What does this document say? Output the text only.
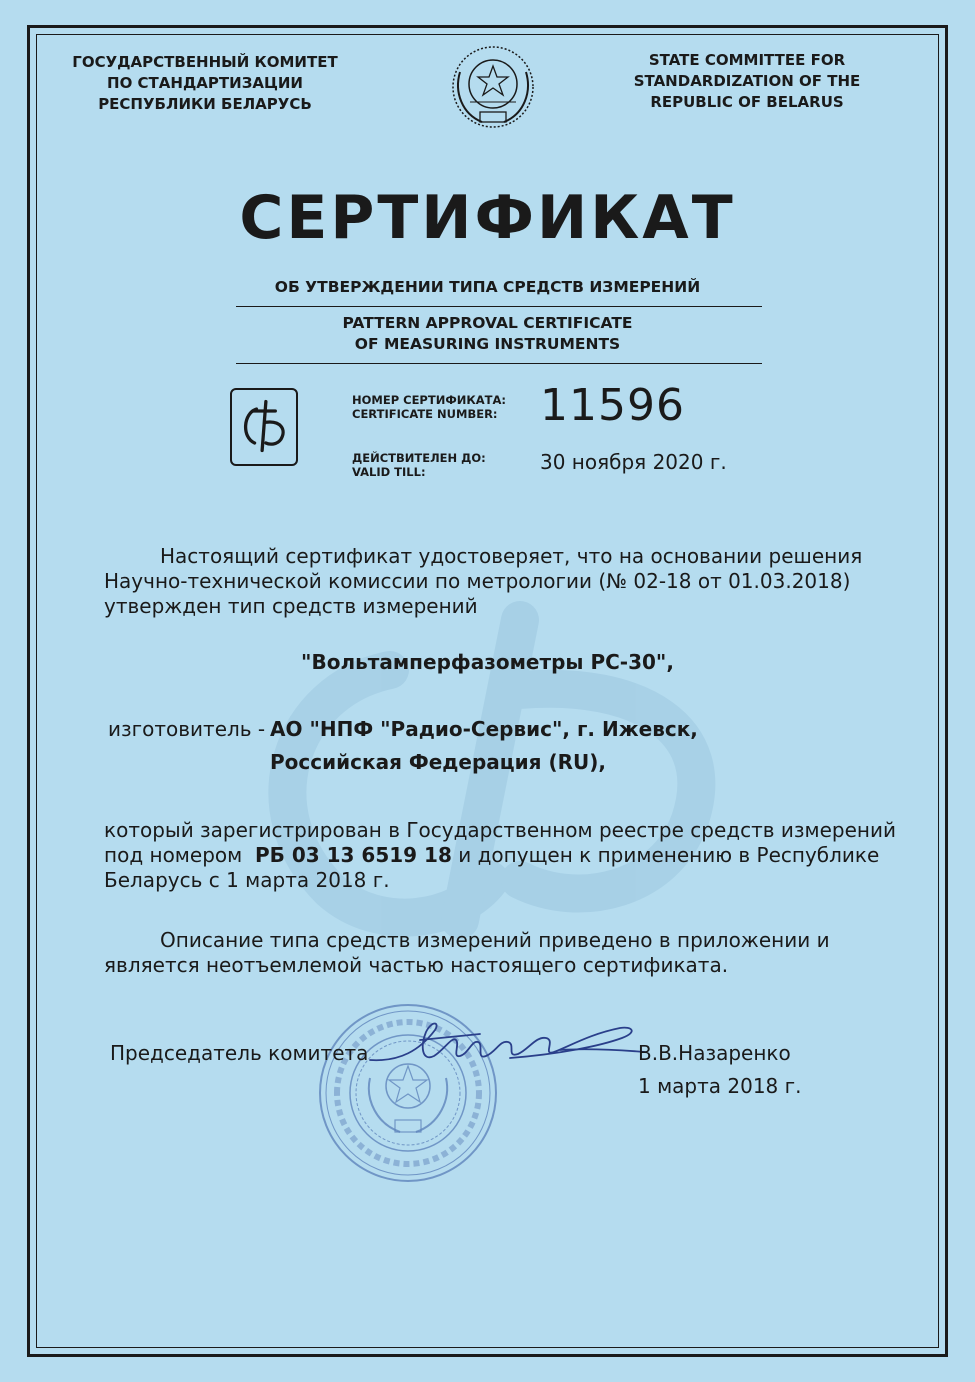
ГОСУДАРСТВЕННЫЙ КОМИТЕТ
ПО СТАНДАРТИЗАЦИИ
РЕСПУБЛИКИ БЕЛАРУСЬ
STATE COMMITTEE FOR
STANDARDIZATION OF THE
REPUBLIC OF BELARUS
СЕРТИФИКАТ
ОБ УТВЕРЖДЕНИИ ТИПА СРЕДСТВ ИЗМЕРЕНИЙ
PATTERN APPROVAL CERTIFICATE
OF MEASURING INSTRUMENTS
НОМЕР СЕРТИФИКАТА:
CERTIFICATE NUMBER: 11596
ДЕЙСТВИТЕЛЕН ДО:
VALID TILL:	30 ноября 2020 г.
Настоящий сертификат удостоверяет, что на основании решения
Научно-технической комиссии по метрологии (№ 02-18 от 01.03.2018)
утвержден тип средств измерений
"Вольтамперфазометры РС-30",
изготовитель - АО "НПФ "Радио-Сервис", г. Ижевск,
Российская Федерация (RU),
который зарегистрирован в Государственном реестре средств измерений
под номером РБ 03 13 6519 18 и допущен к применению в Республике
Беларусь с 1 марта 2018 г.
Описание типа средств измерений приведено в приложении и
является неотъемлемой частью настоящего сертификата.
Председатель комитета	В.В.Назаренко
1 марта 2018 г.
